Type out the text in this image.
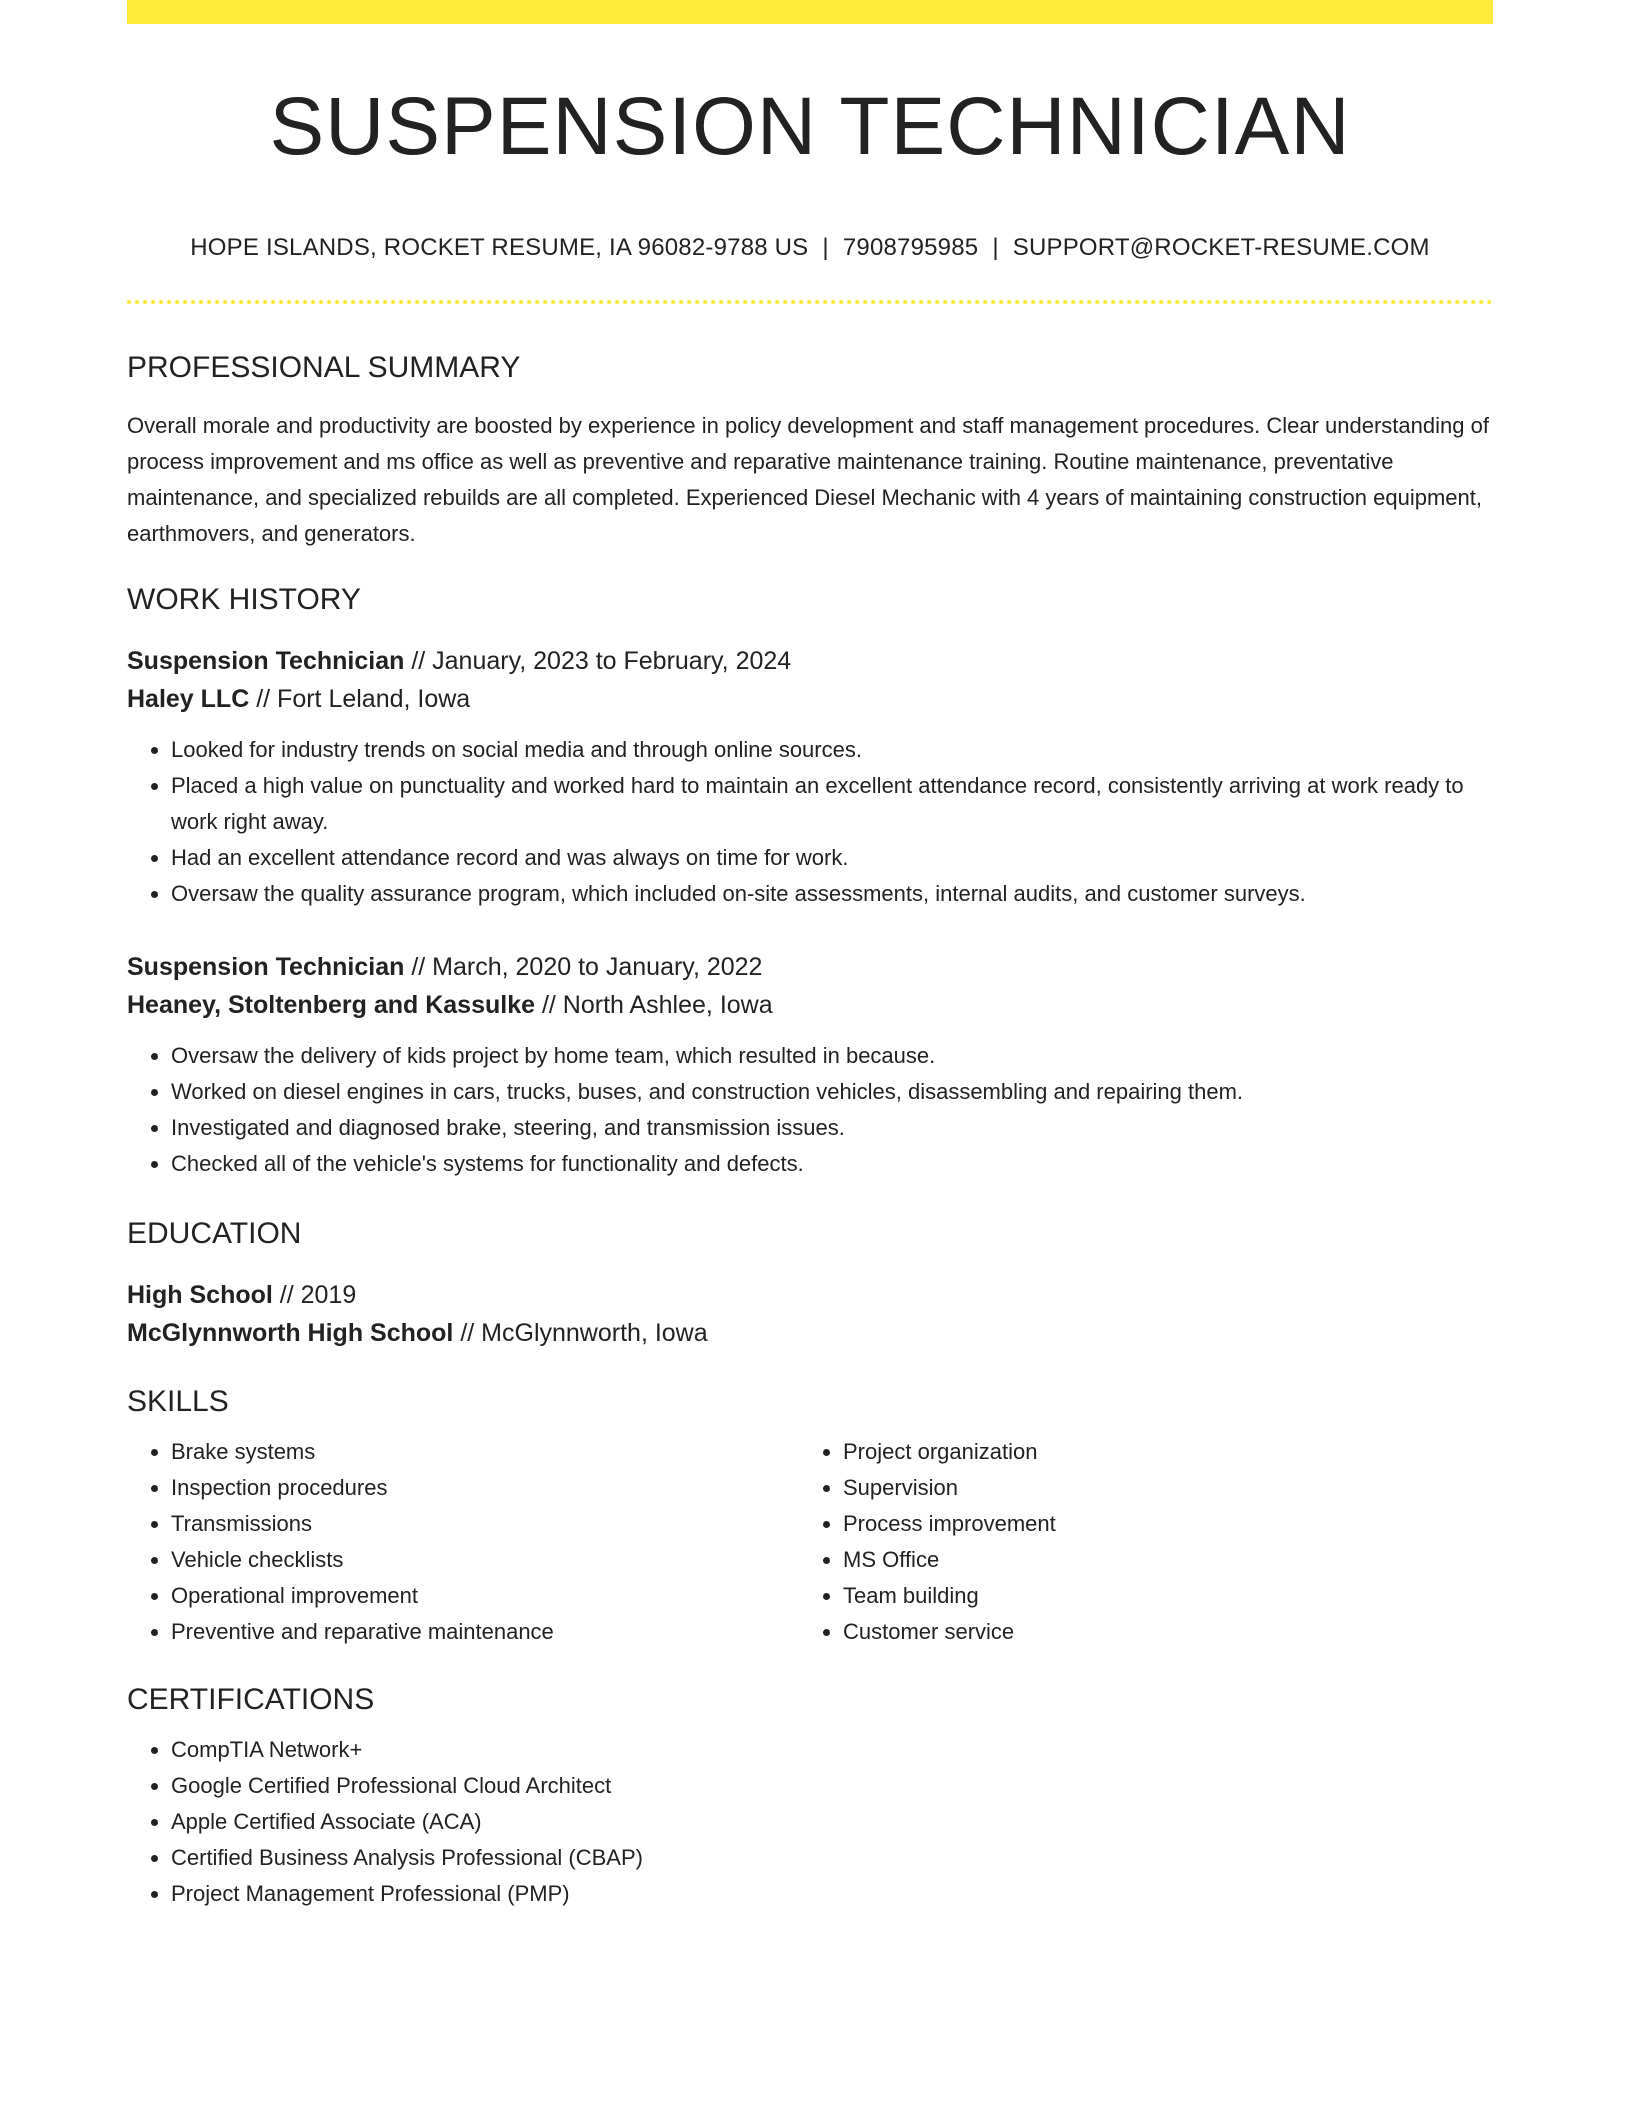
SUSPENSION TECHNICIAN
HOPE ISLANDS, ROCKET RESUME, IA 96082-9788 US | 7908795985 | SUPPORT@ROCKET-RESUME.COM
PROFESSIONAL SUMMARY
Overall morale and productivity are boosted by experience in policy development and staff management procedures. Clear understanding of process improvement and ms office as well as preventive and reparative maintenance training. Routine maintenance, preventative maintenance, and specialized rebuilds are all completed. Experienced Diesel Mechanic with 4 years of maintaining construction equipment, earthmovers, and generators.
WORK HISTORY
Suspension Technician // January, 2023 to February, 2024
Haley LLC // Fort Leland, Iowa
• Looked for industry trends on social media and through online sources.
• Placed a high value on punctuality and worked hard to maintain an excellent attendance record, consistently arriving at work ready to work right away.
• Had an excellent attendance record and was always on time for work.
• Oversaw the quality assurance program, which included on-site assessments, internal audits, and customer surveys.
Suspension Technician // March, 2020 to January, 2022
Heaney, Stoltenberg and Kassulke // North Ashlee, Iowa
• Oversaw the delivery of kids project by home team, which resulted in because.
• Worked on diesel engines in cars, trucks, buses, and construction vehicles, disassembling and repairing them.
• Investigated and diagnosed brake, steering, and transmission issues.
• Checked all of the vehicle's systems for functionality and defects.
EDUCATION
High School // 2019
McGlynnworth High School // McGlynnworth, Iowa
SKILLS
• Brake systems
• Inspection procedures
• Transmissions
• Vehicle checklists
• Operational improvement
• Preventive and reparative maintenance
• Project organization
• Supervision
• Process improvement
• MS Office
• Team building
• Customer service
CERTIFICATIONS
• CompTIA Network+
• Google Certified Professional Cloud Architect
• Apple Certified Associate (ACA)
• Certified Business Analysis Professional (CBAP)
• Project Management Professional (PMP)
